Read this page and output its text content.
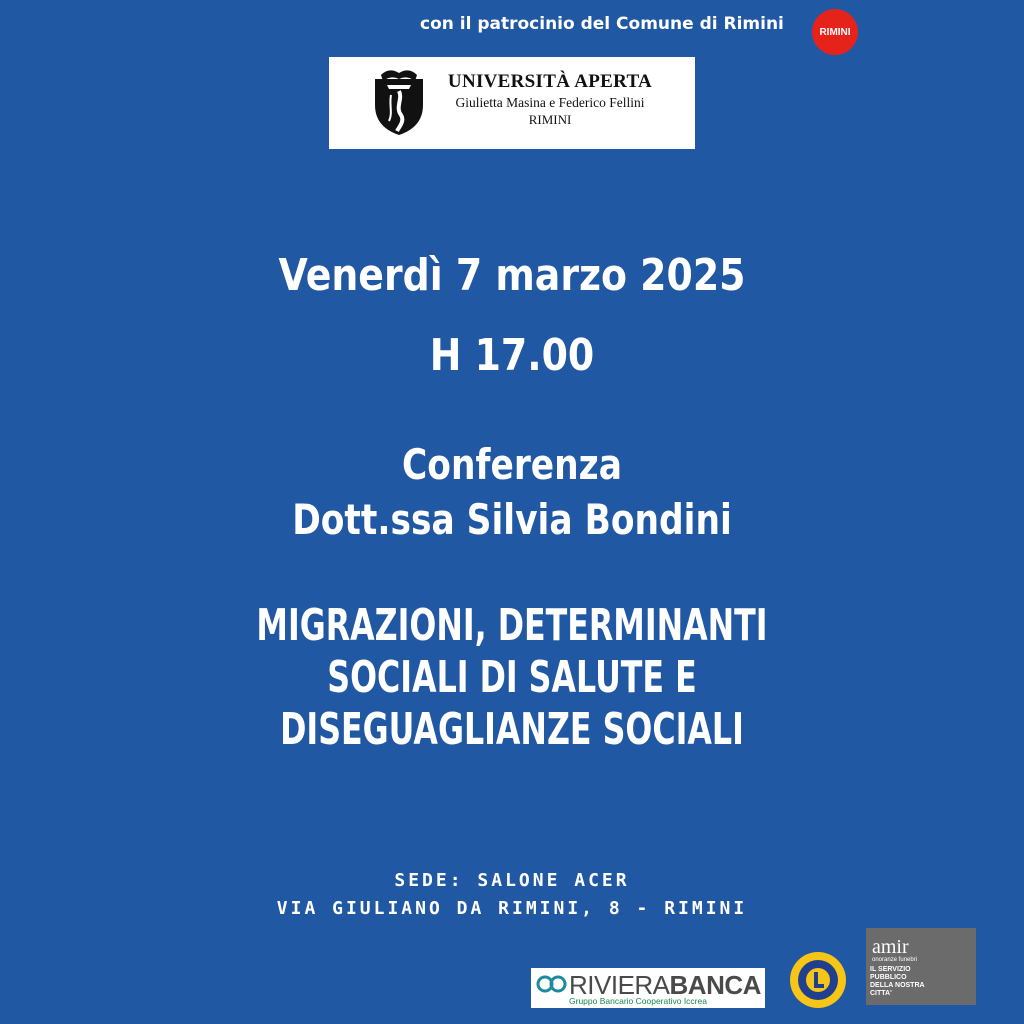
con il patrocinio del Comune di Rimini	RIMINI
UNIVERSITÀ APERTA
Giulietta Masina e Federico Fellini
RIMINI
Venerdì 7 marzo 2025
H 17.00
Conferenza
Dott.ssa Silvia Bondini
MIGRAZIONI, DETERMINANTI
SOCIALI DI SALUTE E
DISEGUAGLIANZE SOCIALI
SEDE: SALONE ACER
VIA GIULIANO DA RIMINI, 8 - RIMINI
RIVIERABANCA
Gruppo Bancario Cooperativo Iccrea
amir
onoranze funebri
IL SERVIZIO
PUBBLICO
DELLA NOSTRA
CITTA'
